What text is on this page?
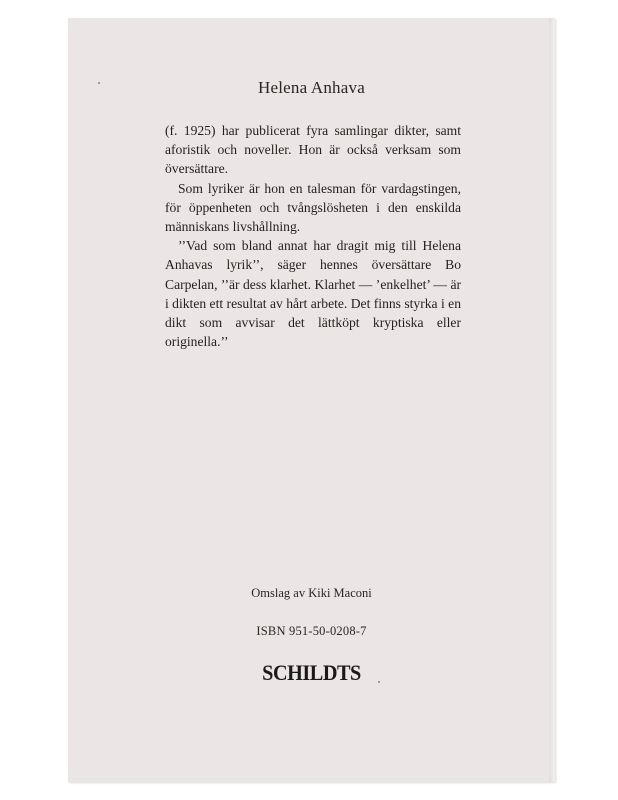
Helena Anhava

(f. 1925) har publicerat fyra samlingar dikter, samt aforistik och noveller. Hon är också verksam som översättare.

Som lyriker är hon en talesman för vardagstingen, för öppenheten och tvångslösheten i den enskilda människans livshållning.

’’Vad som bland annat har dragit mig till Helena Anhavas lyrik’’, säger hennes översättare Bo Carpelan, ’’är dess klarhet. Klarhet — ’enkelhet’ — är i dikten ett resultat av hårt arbete. Det finns styrka i en dikt som avvisar det lättköpt kryptiska eller originella.’’

Omslag av Kiki Maconi
ISBN 951-50-0208-7
SCHILDTS
